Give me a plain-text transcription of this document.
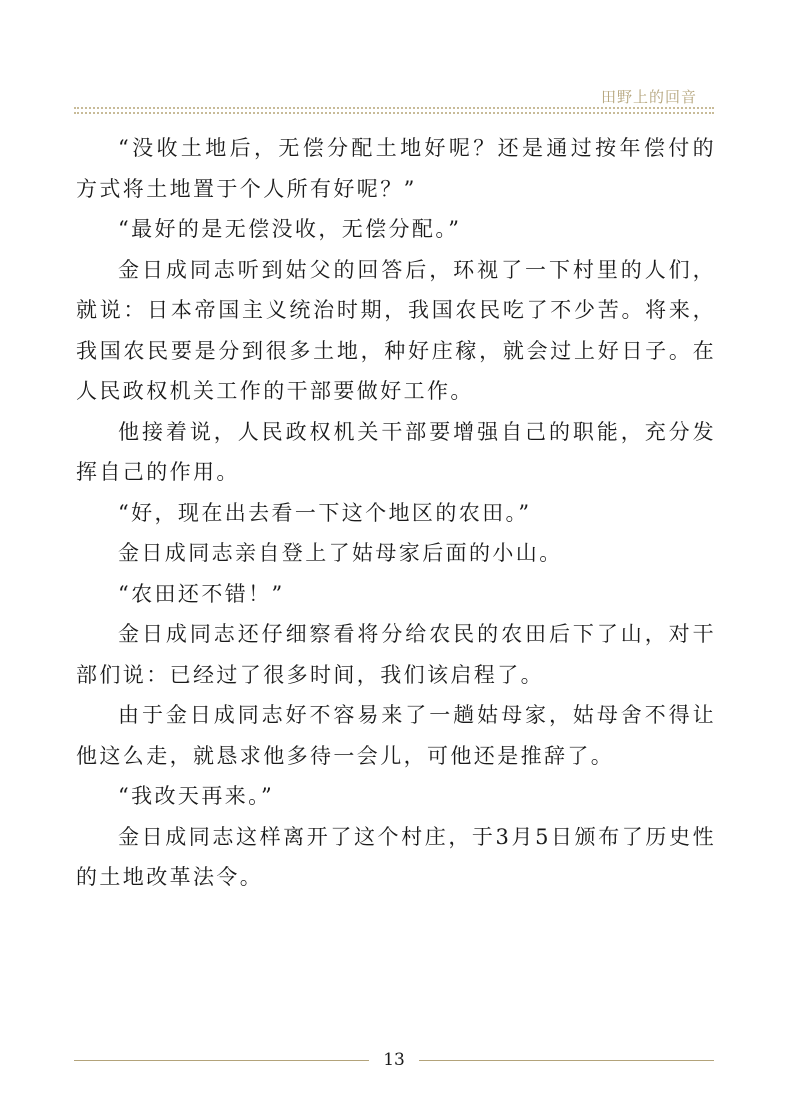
田野上的回音

“没收土地后，无偿分配土地好呢？还是通过按年偿付的方式将土地置于个人所有好呢？”

“最好的是无偿没收，无偿分配。”

金日成同志听到姑父的回答后，环视了一下村里的人们，就说：日本帝国主义统治时期，我国农民吃了不少苦。将来，我国农民要是分到很多土地，种好庄稼，就会过上好日子。在人民政权机关工作的干部要做好工作。

他接着说，人民政权机关干部要增强自己的职能，充分发挥自己的作用。

“好，现在出去看一下这个地区的农田。”

金日成同志亲自登上了姑母家后面的小山。

“农田还不错！”

金日成同志还仔细察看将分给农民的农田后下了山，对干部们说：已经过了很多时间，我们该启程了。

由于金日成同志好不容易来了一趟姑母家，姑母舍不得让他这么走，就恳求他多待一会儿，可他还是推辞了。

“我改天再来。”

金日成同志这样离开了这个村庄，于3月5日颁布了历史性的土地改革法令。

13
